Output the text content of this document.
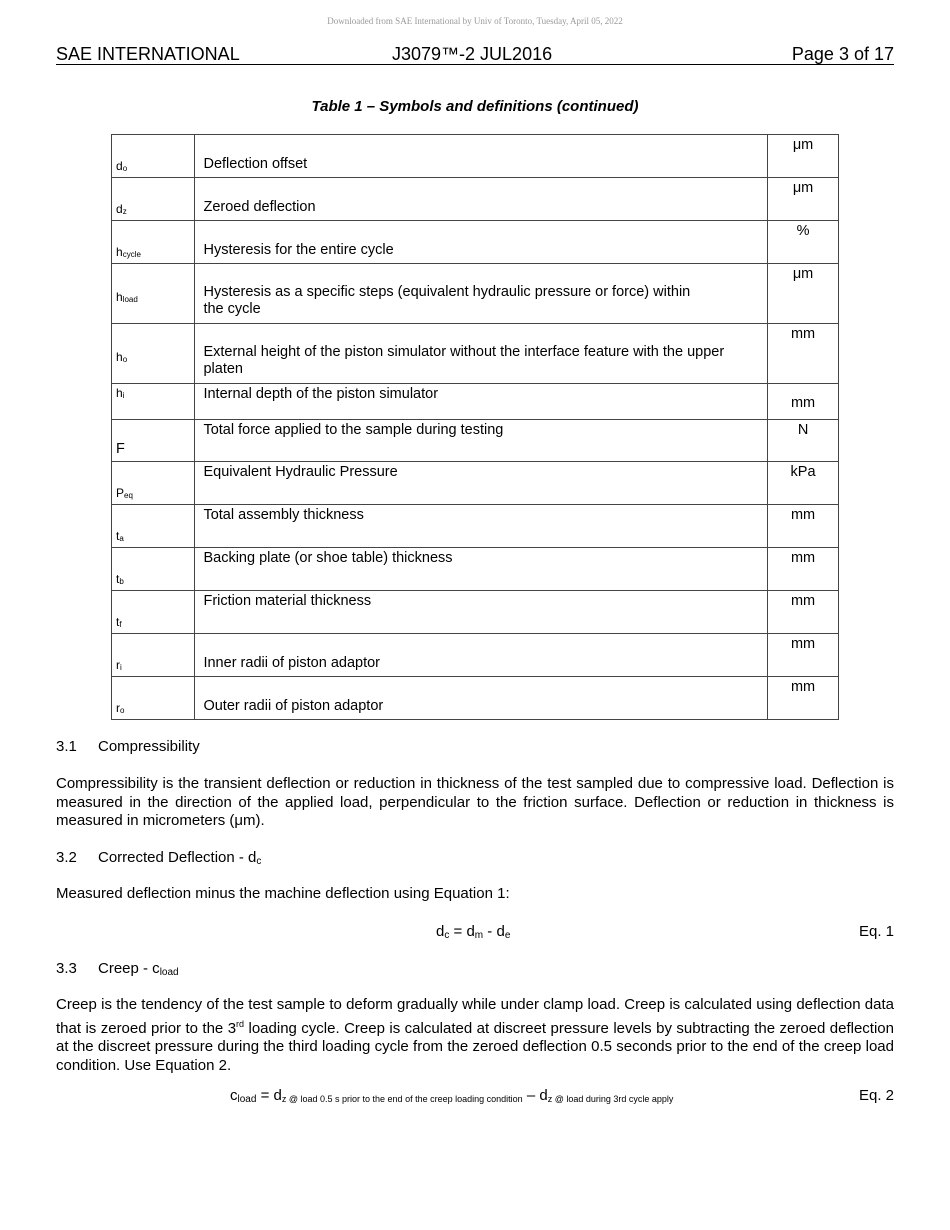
Downloaded from SAE International by Univ of Toronto, Tuesday, April 05, 2022
SAE INTERNATIONAL	J3079™-2 JUL2016	Page 3 of 17
Table 1 – Symbols and definitions (continued)
$d_o$	Deflection offset	μm
$d_z$	Zeroed deflection	μm
$h_{cycle}$	Hysteresis for the entire cycle	%
$h_{load}$	Hysteresis as a specific steps (equivalent hydraulic pressure or force) within the cycle	μm
$h_o$	External height of the piston simulator without the interface feature with the upper platen	mm
$h_i$	Internal depth of the piston simulator	mm
F	Total force applied to the sample during testing	N
$P_{eq}$	Equivalent Hydraulic Pressure	kPa
$t_a$	Total assembly thickness	mm
$t_b$	Backing plate (or shoe table) thickness	mm
$t_f$	Friction material thickness	mm
$r_i$	Inner radii of piston adaptor	mm
$r_o$	Outer radii of piston adaptor	mm
3.1 Compressibility
Compressibility is the transient deflection or reduction in thickness of the test sampled due to compressive load. Deflection is measured in the direction of the applied load, perpendicular to the friction surface. Deflection or reduction in thickness is measured in micrometers (μm).
3.2 Corrected Deflection - $d_c$
Measured deflection minus the machine deflection using Equation 1:
$d_c = d_m - d_e$	Eq. 1
3.3 Creep - $c_{load}$
Creep is the tendency of the test sample to deform gradually while under clamp load. Creep is calculated using deflection data that is zeroed prior to the 3rd loading cycle. Creep is calculated at discreet pressure levels by subtracting the zeroed deflection at the discreet pressure during the third loading cycle from the zeroed deflection 0.5 seconds prior to the end of the creep load condition. Use Equation 2.
$c_{load} = d_{z @ load 0.5 s prior to the end of the creep loading condition} - d_{z @ load during 3rd cycle apply}$	Eq. 2
